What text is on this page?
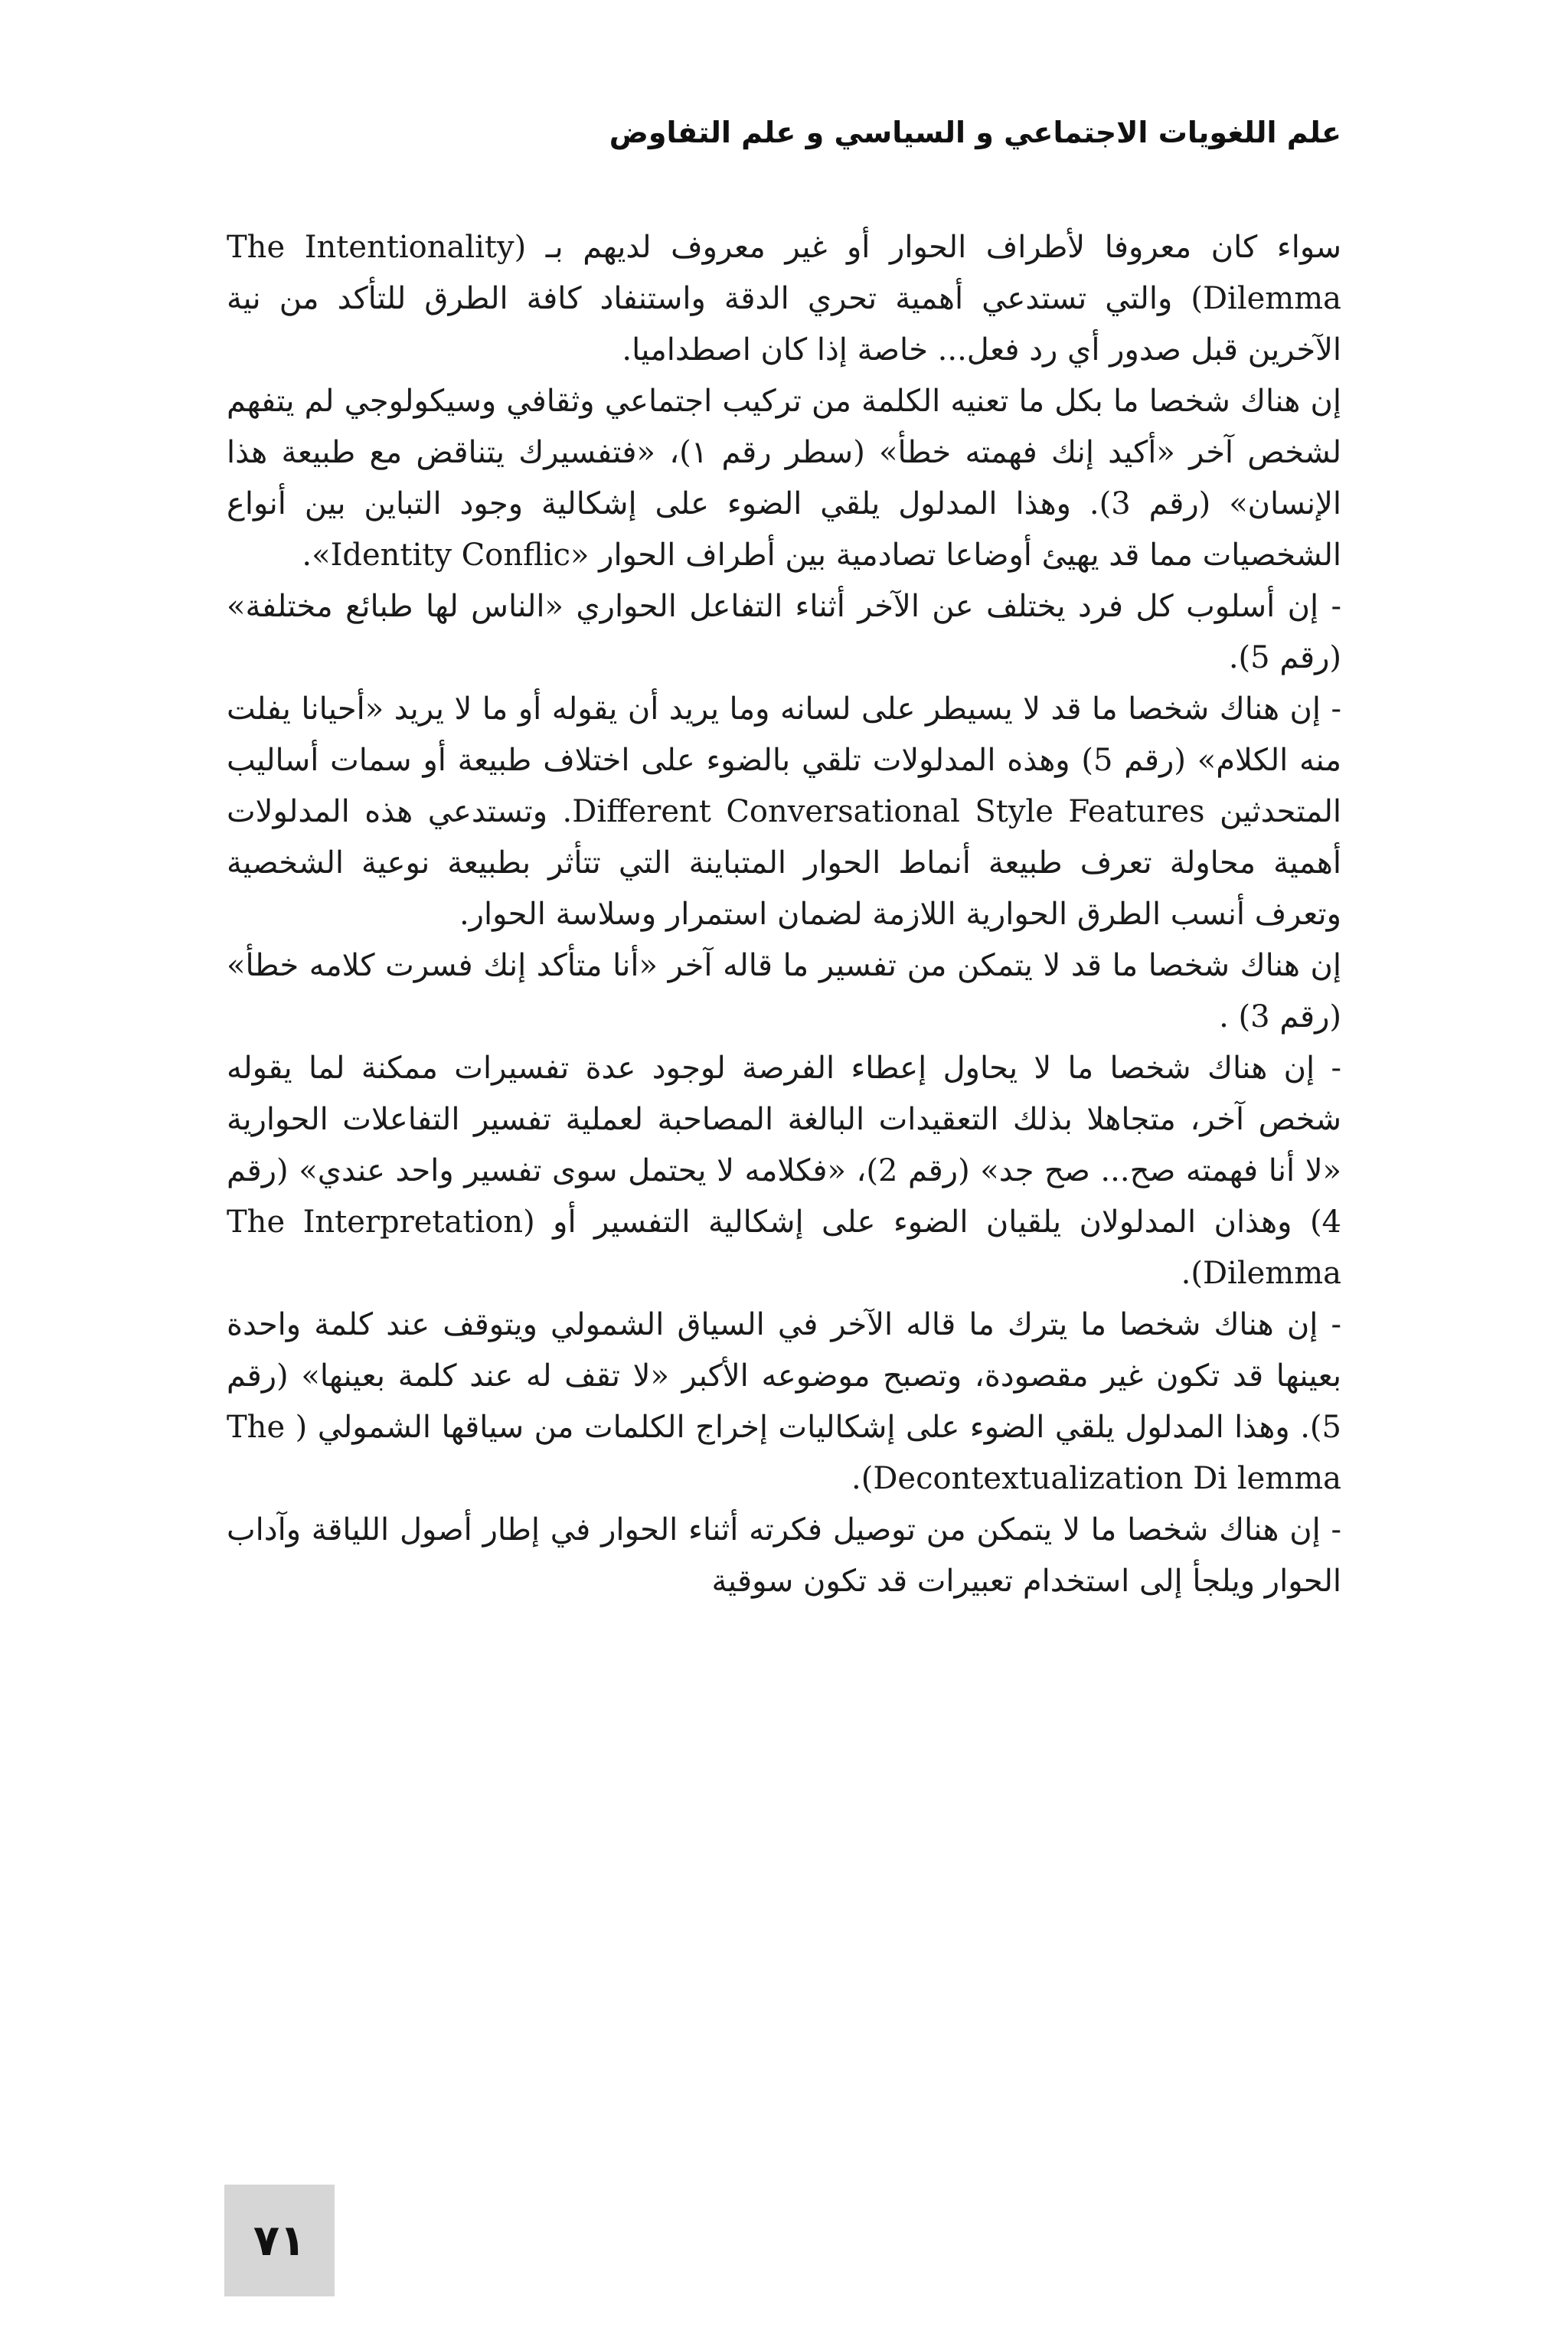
علم اللغويات الاجتماعي و السياسي و علم التفاوض

سواء كان معروفا لأطراف الحوار أو غير معروف لديهم بـ (The Intentionality Dilemma) والتي تستدعي أهمية تحري الدقة واستنفاد كافة الطرق للتأكد من نية الآخرين قبل صدور أي رد فعل... خاصة إذا كان اصطداميا.

إن هناك شخصا ما بكل ما تعنيه الكلمة من تركيب اجتماعي وثقافي وسيكولوجي لم يتفهم لشخص آخر «أكيد إنك فهمته خطأ» (سطر رقم ١)، «فتفسيرك يتناقض مع طبيعة هذا الإنسان» (رقم 3). وهذا المدلول يلقي الضوء على إشكالية وجود التباين بين أنواع الشخصيات مما قد يهيئ أوضاعا تصادمية بين أطراف الحوار «Identity Conflic».

- إن أسلوب كل فرد يختلف عن الآخر أثناء التفاعل الحواري «الناس لها طبائع مختلفة» (رقم 5).

- إن هناك شخصا ما قد لا يسيطر على لسانه وما يريد أن يقوله أو ما لا يريد «أحيانا يفلت منه الكلام» (رقم 5) وهذه المدلولات تلقي بالضوء على اختلاف طبيعة أو سمات أساليب المتحدثين Different Conversational Style Features. وتستدعي هذه المدلولات أهمية محاولة تعرف طبيعة أنماط الحوار المتباينة التي تتأثر بطبيعة نوعية الشخصية وتعرف أنسب الطرق الحوارية اللازمة لضمان استمرار وسلاسة الحوار.

إن هناك شخصا ما قد لا يتمكن من تفسير ما قاله آخر «أنا متأكد إنك فسرت كلامه خطأ» (رقم 3) .

- إن هناك شخصا ما لا يحاول إعطاء الفرصة لوجود عدة تفسيرات ممكنة لما يقوله شخص آخر، متجاهلا بذلك التعقيدات البالغة المصاحبة لعملية تفسير التفاعلات الحوارية «لا أنا فهمته صح... صح جد» (رقم 2)، «فكلامه لا يحتمل سوى تفسير واحد عندي» (رقم 4) وهذان المدلولان يلقيان الضوء على إشكالية التفسير أو (The Interpretation Dilemma).

- إن هناك شخصا ما يترك ما قاله الآخر في السياق الشمولي ويتوقف عند كلمة واحدة بعينها قد تكون غير مقصودة، وتصبح موضوعه الأكبر «لا تقف له عند كلمة بعينها» (رقم 5). وهذا المدلول يلقي الضوء على إشكاليات إخراج الكلمات من سياقها الشمولي ( The Decontextualization Di lemma).

- إن هناك شخصا ما لا يتمكن من توصيل فكرته أثناء الحوار في إطار أصول اللياقة وآداب الحوار ويلجأ إلى استخدام تعبيرات قد تكون سوقية

٧١
